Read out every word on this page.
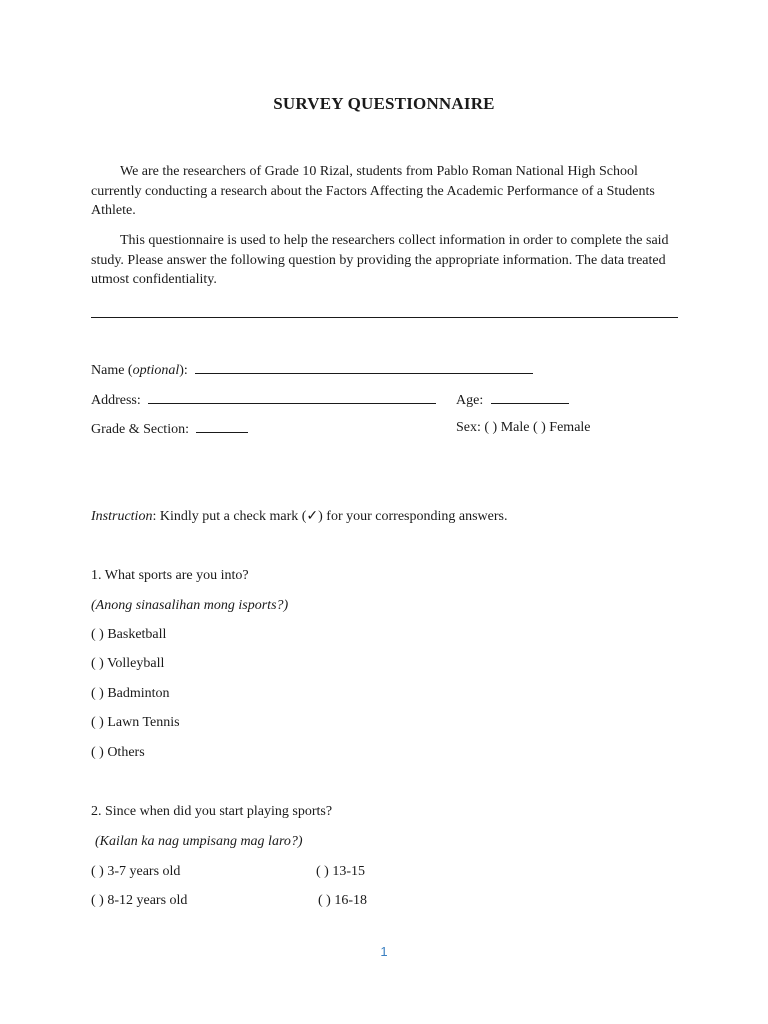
SURVEY QUESTIONNAIRE

We are the researchers of Grade 10 Rizal, students from Pablo Roman National High School currently conducting a research about the Factors Affecting the Academic Performance of a Students Athlete.

This questionnaire is used to help the researchers collect information in order to complete the said study. Please answer the following question by providing the appropriate information. The data treated utmost confidentiality.

Name (optional):
Address:	Age:
Grade & Section:	Sex: ( ) Male ( ) Female
Instruction: Kindly put a check mark (✓) for your corresponding answers.
1. What sports are you into?
(Anong sinasalihan mong isports?)
( ) Basketball
( ) Volleyball
( ) Badminton
( ) Lawn Tennis
( ) Others
2. Since when did you start playing sports?
(Kailan ka nag umpisang mag laro?)
( ) 3-7 years old	( ) 13-15
( ) 8-12 years old	( ) 16-18
1
